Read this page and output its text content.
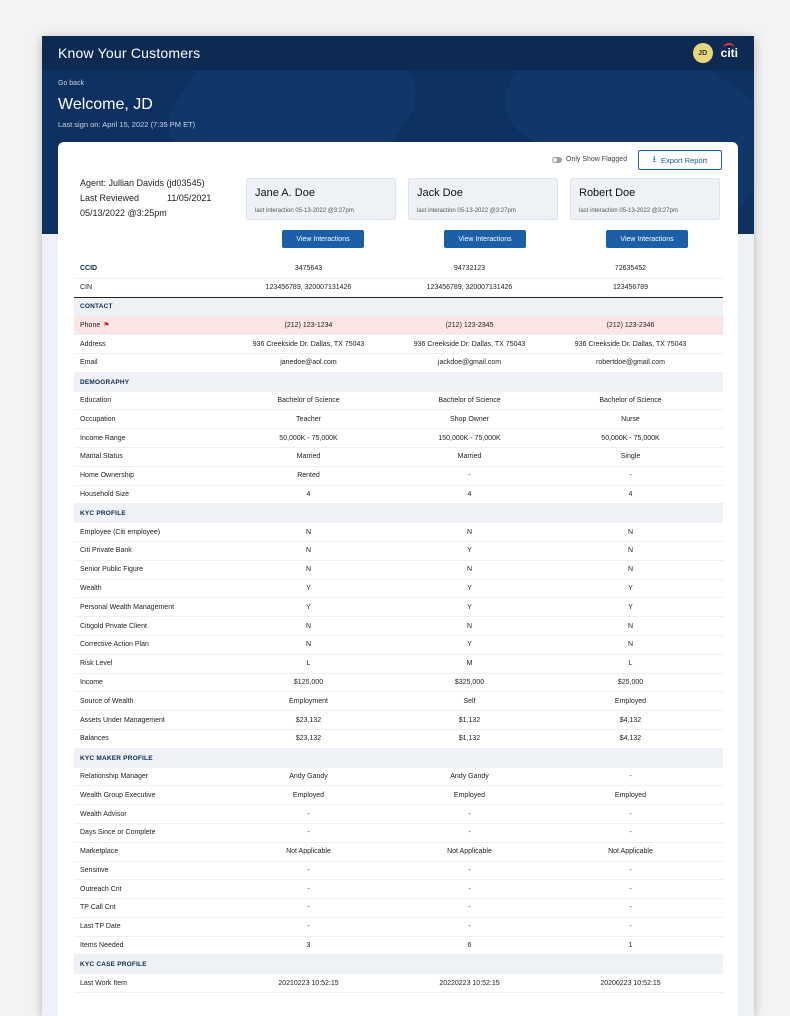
Know Your Customers	JD	citi
Go back
Welcome, JD
Last sign on: April 15, 2022 (7:35 PM ET)
Only Show Flagged	⭳ Export Report
Agent: Jullian Davids (jd03545)
Last Reviewed	11/05/2021
05/13/2022 @3:25pm
Jane A. Doe
last interaction 05-13-2022 @3:27pm
Jack Doe
last interaction 05-13-2022 @3:27pm
Robert Doe
last interaction 05-13-2022 @3:27pm
View Interactions	View Interactions	View Interactions
CCID	3475643	94732123	72635452
CIN	123456789, 320007131426	123456789, 320007131426	123456789
CONTACT
Phone ⚑	(212) 123-1234	(212) 123-2345	(212) 123-2346
Address	936 Creekside Dr. Dallas, TX 75043	936 Creekside Dr. Dallas, TX 75043	936 Creekside Dr. Dallas, TX 75043
Email	janedoe@aol.com	jackdoe@gmail.com	robertdoe@gmail.com
DEMOGRAPHY
Education	Bachelor of Science	Bachelor of Science	Bachelor of Science
Occupation	Teacher	Shop Owner	Nurse
Income Range	50,000K - 75,000K	150,000K - 75,000K	50,000K - 75,000K
Marital Status	Married	Married	Single
Home Ownership	Rented	-	-
Household Size	4	4	4
KYC PROFILE
Employee (Citi employee)	N	N	N
Citi Private Bank	N	Y	N
Senior Public Figure	N	N	N
Wealth	Y	Y	Y
Personal Wealth Management	Y	Y	Y
Citigold Private Client	N	N	N
Corrective Action Plan	N	Y	N
Risk Level	L	M	L
Income	$125,000	$325,000	$25,000
Source of Wealth	Employment	Self	Employed
Assets Under Management	$23,132	$1,132	$4,132
Balances	$23,132	$1,132	$4,132
KYC MAKER PROFILE
Relationship Manager	Andy Gandy	Andy Gandy	-
Wealth Group Executive	Employed	Employed	Employed
Wealth Advisor	-	-	-
Days Since or Complete	-	-	-
Marketplace	Not Applicable	Not Applicable	Not Applicable
Sensitive	-	-	-
Outreach Cnt	-	-	-
TP Call Cnt	-	-	-
Last TP Date	-	-	-
Items Needed	3	6	1
KYC CASE PROFILE
Last Work Item	20210223 10:52:15	20220223 10:52:15	20200223 10:52:15
